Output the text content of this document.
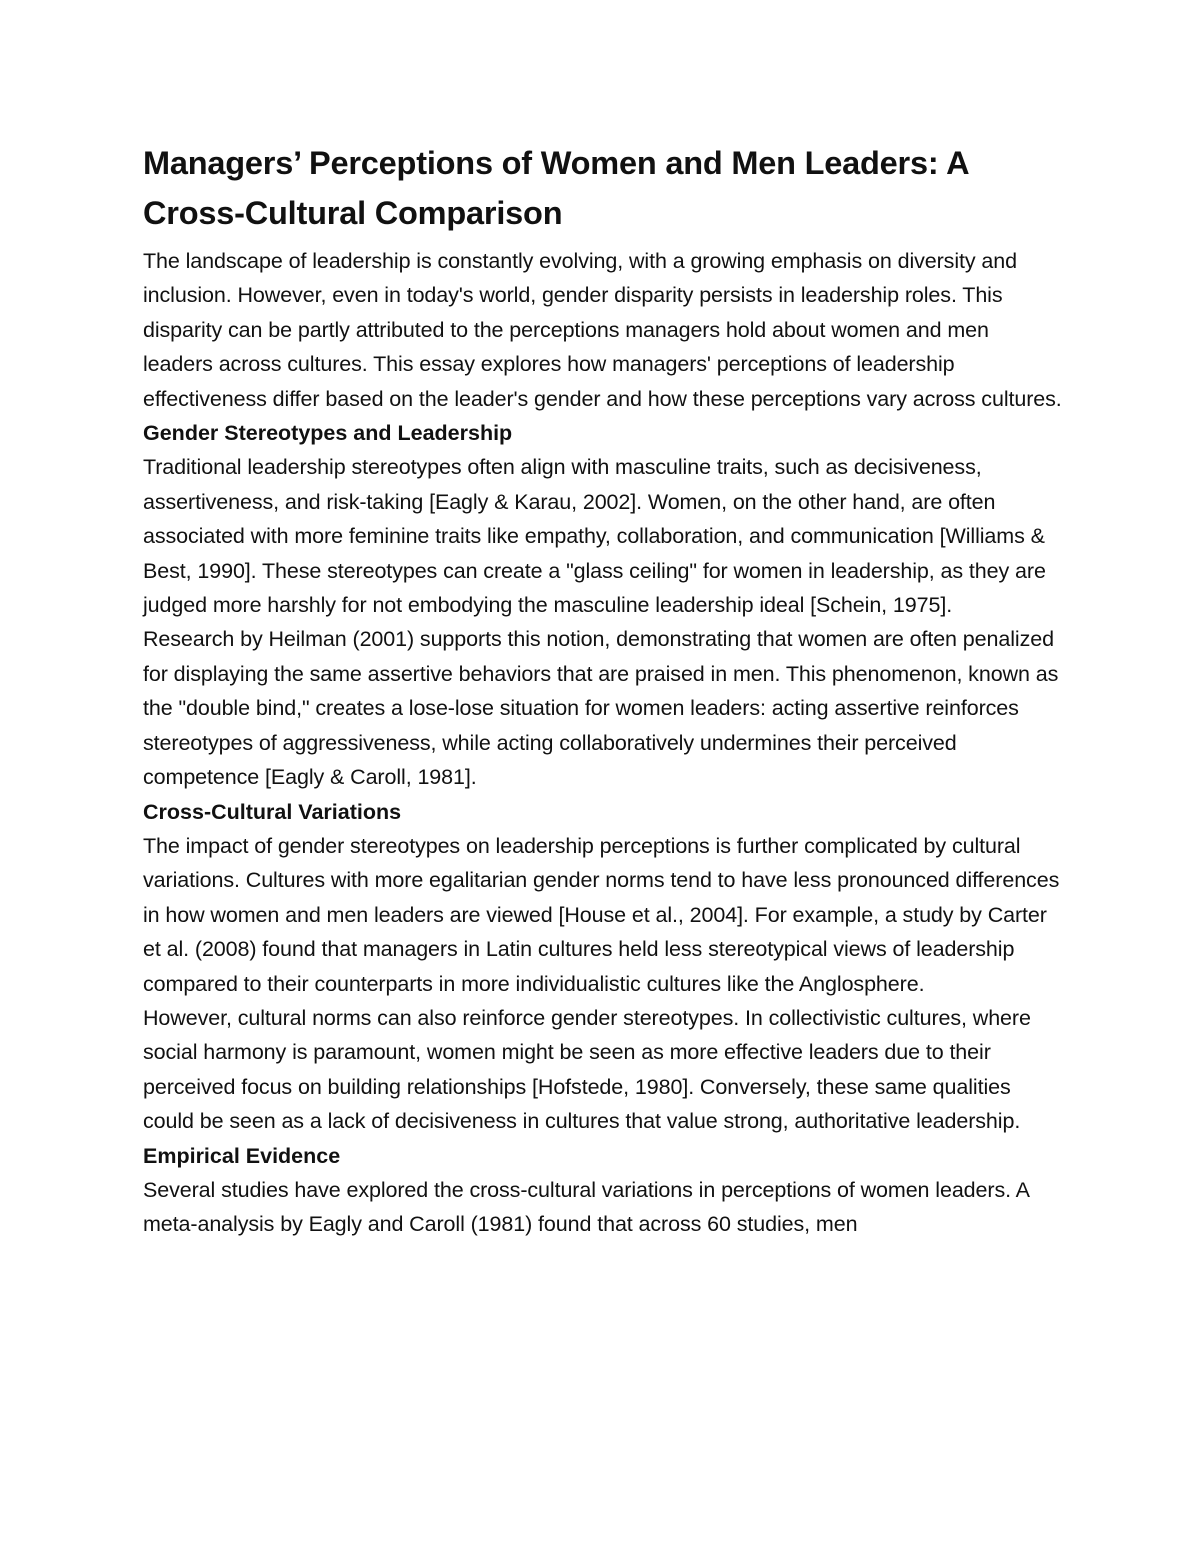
Managers’ Perceptions of Women and Men Leaders: A Cross-Cultural Comparison

The landscape of leadership is constantly evolving, with a growing emphasis on diversity and inclusion. However, even in today's world, gender disparity persists in leadership roles. This disparity can be partly attributed to the perceptions managers hold about women and men leaders across cultures. This essay explores how managers' perceptions of leadership effectiveness differ based on the leader's gender and how these perceptions vary across cultures.

Gender Stereotypes and Leadership

Traditional leadership stereotypes often align with masculine traits, such as decisiveness, assertiveness, and risk-taking [Eagly & Karau, 2002]. Women, on the other hand, are often associated with more feminine traits like empathy, collaboration, and communication [Williams & Best, 1990]. These stereotypes can create a "glass ceiling" for women in leadership, as they are judged more harshly for not embodying the masculine leadership ideal [Schein, 1975].

Research by Heilman (2001) supports this notion, demonstrating that women are often penalized for displaying the same assertive behaviors that are praised in men. This phenomenon, known as the "double bind," creates a lose-lose situation for women leaders: acting assertive reinforces stereotypes of aggressiveness, while acting collaboratively undermines their perceived competence [Eagly & Caroll, 1981].

Cross-Cultural Variations

The impact of gender stereotypes on leadership perceptions is further complicated by cultural variations. Cultures with more egalitarian gender norms tend to have less pronounced differences in how women and men leaders are viewed [House et al., 2004]. For example, a study by Carter et al. (2008) found that managers in Latin cultures held less stereotypical views of leadership compared to their counterparts in more individualistic cultures like the Anglosphere.

However, cultural norms can also reinforce gender stereotypes. In collectivistic cultures, where social harmony is paramount, women might be seen as more effective leaders due to their perceived focus on building relationships [Hofstede, 1980]. Conversely, these same qualities could be seen as a lack of decisiveness in cultures that value strong, authoritative leadership.

Empirical Evidence

Several studies have explored the cross-cultural variations in perceptions of women leaders. A meta-analysis by Eagly and Caroll (1981) found that across 60 studies, men
